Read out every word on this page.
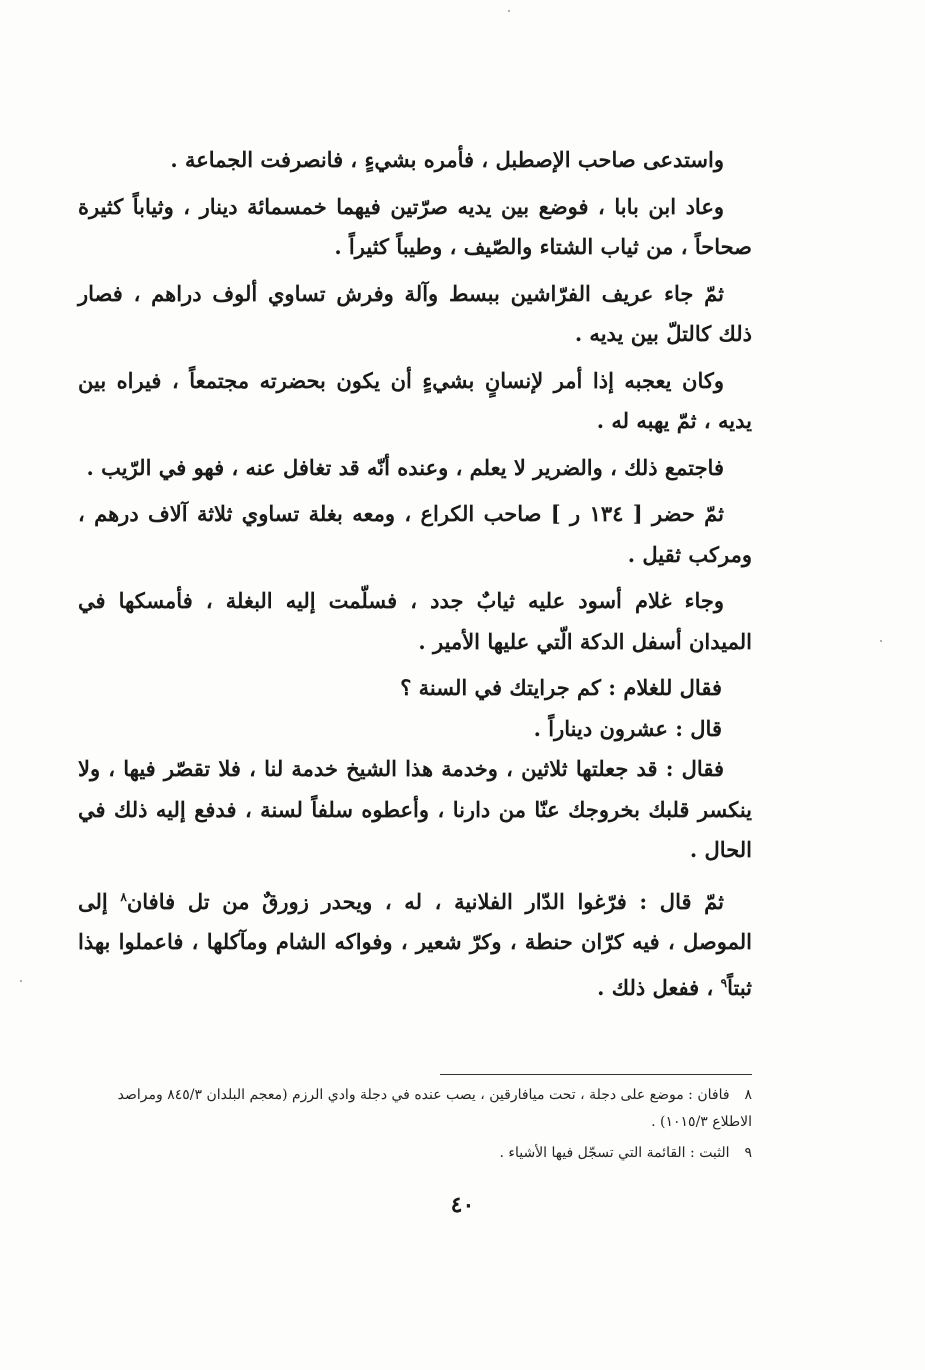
واستدعى صاحب الإصطبل ، فأمره بشيءٍ ، فانصرفت الجماعة .

وعاد ابن بابا ، فوضع بين يديه صرّتين فيهما خمسمائة دينار ، وثياباً كثيرة صحاحاً ، من ثياب الشتاء والصّيف ، وطيباً كثيراً .

ثمّ جاء عريف الفرّاشين ببسط وآلة وفرش تساوي ألوف دراهم ، فصار ذلك كالتلّ بين يديه .

وكان يعجبه إذا أمر لإنسانٍ بشيءٍ أن يكون بحضرته مجتمعاً ، فيراه بين يديه ، ثمّ يهبه له .

فاجتمع ذلك ، والضرير لا يعلم ، وعنده أنّه قد تغافل عنه ، فهو في الرّيب .

ثمّ حضر [ ١٣٤ ر ] صاحب الكراع ، ومعه بغلة تساوي ثلاثة آلاف درهم ، ومركب ثقيل .

وجاء غلام أسود عليه ثيابٌ جدد ، فسلّمت إليه البغلة ، فأمسكها في الميدان أسفل الدكة الّتي عليها الأمير .

فقال للغلام : كم جرايتك في السنة ؟

قال : عشرون ديناراً .

فقال : قد جعلتها ثلاثين ، وخدمة هذا الشيخ خدمة لنا ، فلا تقصّر فيها ، ولا ينكسر قلبك بخروجك عنّا من دارنا ، وأعطوه سلفاً لسنة ، فدفع إليه ذلك في الحال .

ثمّ قال : فرّغوا الدّار الفلانية ، له ، ويحدر زورقٌ من تل فافان$^٨$ إلى الموصل ، فيه كرّان حنطة ، وكرّ شعير ، وفواكه الشام ومآكلها ، فاعملوا بهذا ثبتاً$^٩$ ، ففعل ذلك .

٨ فافان : موضع على دجلة ، تحت ميافارقين ، يصب عنده في دجلة وادي الرزم (معجم البلدان ٨٤٥/٣ ومراصد الاطلاع ١٠١٥/٣) .

٩ الثبت : القائمة التي تسجّل فيها الأشياء .

٤٠
